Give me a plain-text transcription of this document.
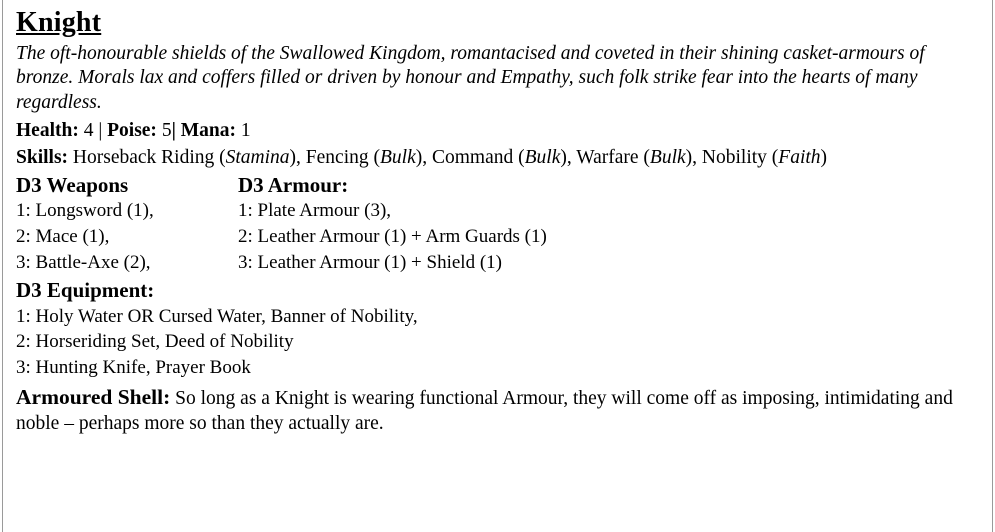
Knight

The oft-honourable shields of the Swallowed Kingdom, romantacised and coveted in their shining casket-armours of bronze. Morals lax and coffers filled or driven by honour and Empathy, such folk strike fear into the hearts of many regardless.

Health: 4 | Poise: 5| Mana: 1

Skills: Horseback Riding (Stamina), Fencing (Bulk), Command (Bulk), Warfare (Bulk), Nobility (Faith)

D3 Weapons	D3 Armour:
1: Longsword (1),	1: Plate Armour (3),
2: Mace (1),	2: Leather Armour (1) + Arm Guards (1)
3: Battle-Axe (2),	3: Leather Armour (1) + Shield (1)
D3 Equipment:

1: Holy Water OR Cursed Water, Banner of Nobility,

2: Horseriding Set, Deed of Nobility

3: Hunting Knife, Prayer Book

Armoured Shell: So long as a Knight is wearing functional Armour, they will come off as imposing, intimidating and noble – perhaps more so than they actually are.
